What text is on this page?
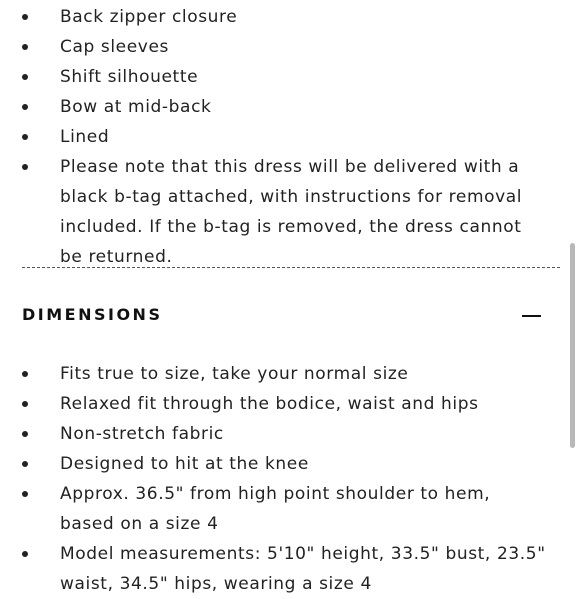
Back zipper closure
Cap sleeves
Shift silhouette
Bow at mid-back
Lined
Please note that this dress will be delivered with a black b-tag attached, with instructions for removal included. If the b-tag is removed, the dress cannot be returned.
DIMENSIONS
Fits true to size, take your normal size
Relaxed fit through the bodice, waist and hips
Non-stretch fabric
Designed to hit at the knee
Approx. 36.5" from high point shoulder to hem, based on a size 4
Model measurements: 5'10" height, 33.5" bust, 23.5" waist, 34.5" hips, wearing a size 4
